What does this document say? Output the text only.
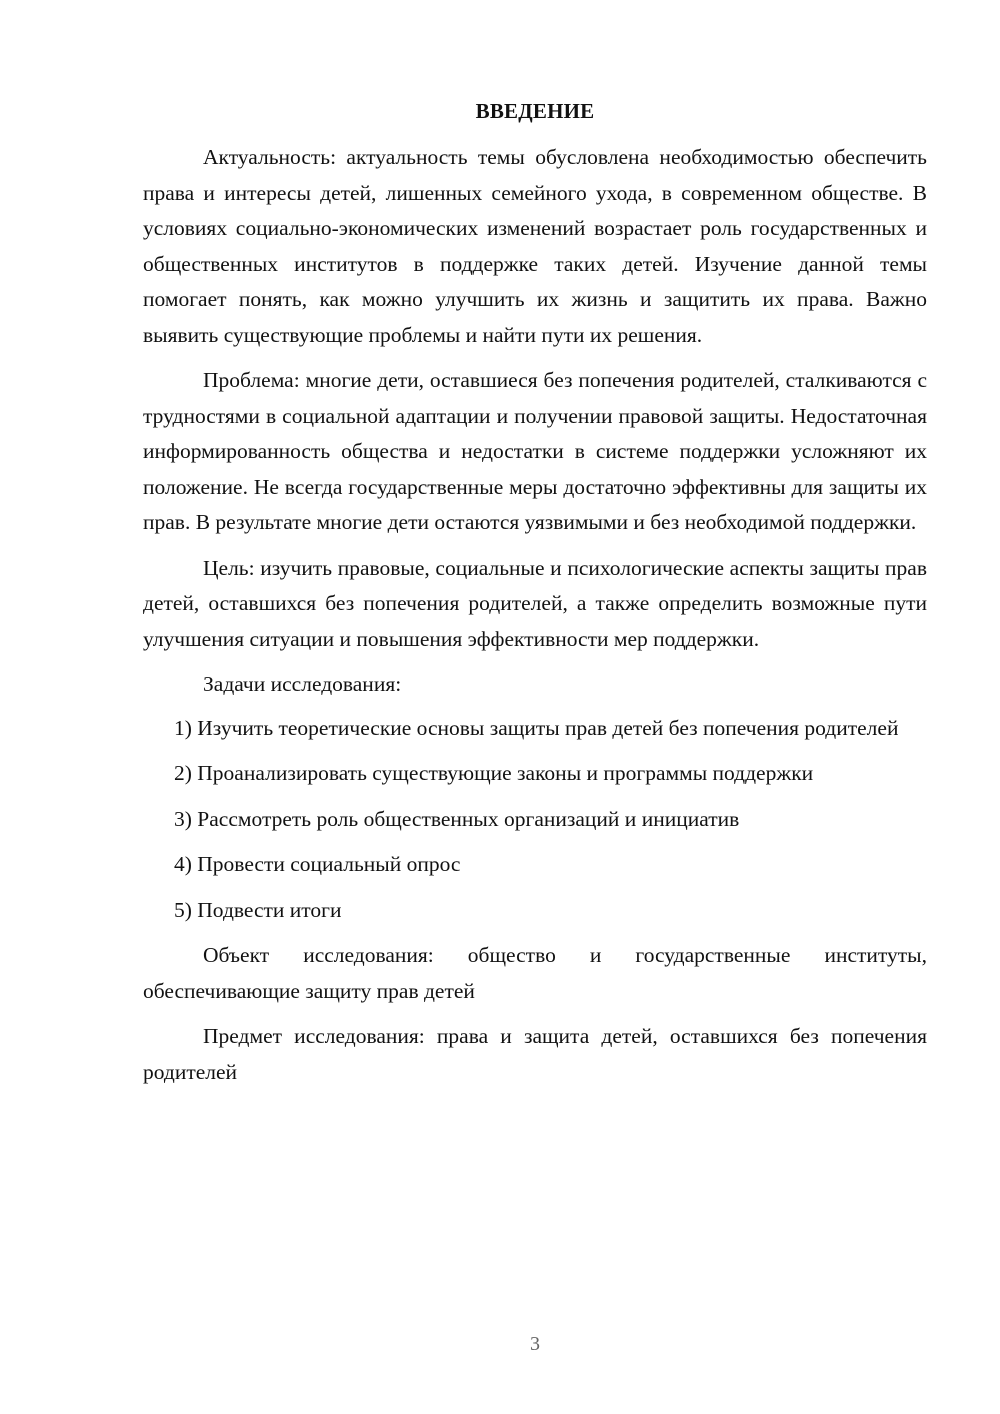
ВВЕДЕНИЕ

Актуальность: актуальность темы обусловлена необходимостью обеспечить права и интересы детей, лишенных семейного ухода, в современном обществе. В условиях социально-экономических изменений возрастает роль государственных и общественных институтов в поддержке таких детей. Изучение данной темы помогает понять, как можно улучшить их жизнь и защитить их права. Важно выявить существующие проблемы и найти пути их решения.

Проблема: многие дети, оставшиеся без попечения родителей, сталкиваются с трудностями в социальной адаптации и получении правовой защиты. Недостаточная информированность общества и недостатки в системе поддержки усложняют их положение. Не всегда государственные меры достаточно эффективны для защиты их прав. В результате многие дети остаются уязвимыми и без необходимой поддержки.

Цель: изучить правовые, социальные и психологические аспекты защиты прав детей, оставшихся без попечения родителей, а также определить возможные пути улучшения ситуации и повышения эффективности мер поддержки.

Задачи исследования:

1) Изучить теоретические основы защиты прав детей без попечения родителей

2) Проанализировать существующие законы и программы поддержки

3) Рассмотреть роль общественных организаций и инициатив

4) Провести социальный опрос

5) Подвести итоги

Объект исследования: общество и государственные институты, обеспечивающие защиту прав детей

Предмет исследования: права и защита детей, оставшихся без попечения родителей

3
